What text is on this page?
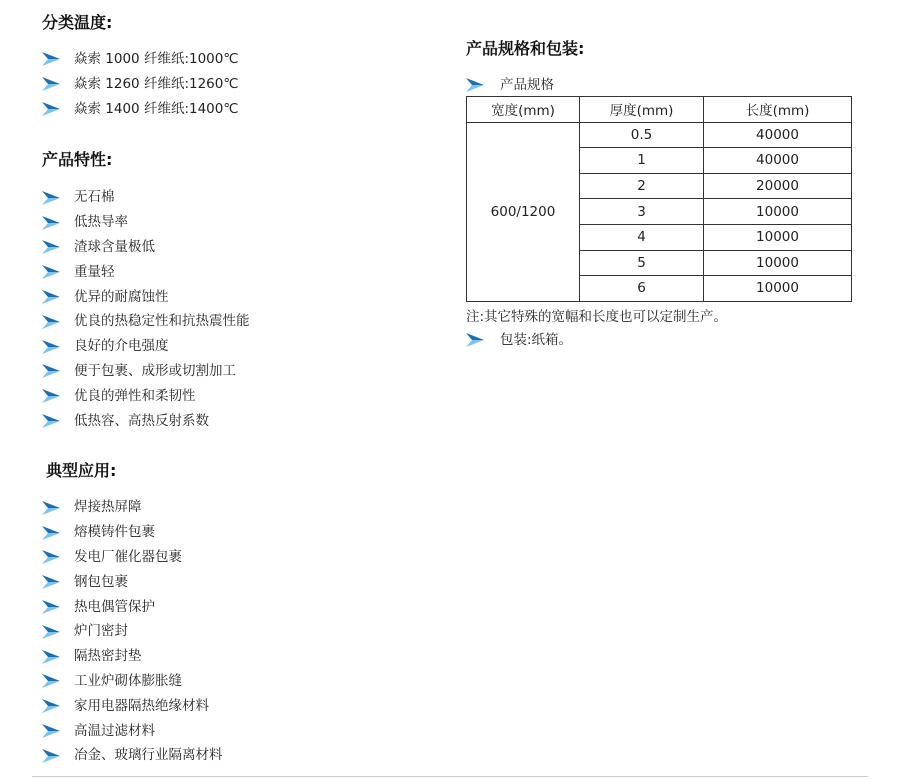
分类温度:
焱索 1000 纤维纸:1000℃
焱索 1260 纤维纸:1260℃
焱索 1400 纤维纸:1400℃
产品特性:
无石棉
低热导率
渣球含量极低
重量轻
优异的耐腐蚀性
优良的热稳定性和抗热震性能
良好的介电强度
便于包裹、成形或切割加工
优良的弹性和柔韧性
低热容、高热反射系数
典型应用:
焊接热屏障
熔模铸件包裹
发电厂催化器包裹
钢包包裹
热电偶管保护
炉门密封
隔热密封垫
工业炉砌体膨胀缝
家用电器隔热绝缘材料
高温过滤材料
冶金、玻璃行业隔离材料
产品规格和包装:
产品规格
宽度(mm)	厚度(mm)	长度(mm)
600/1200	0.5	40000
	1	40000
	2	20000
	3	10000
	4	10000
	5	10000
	6	10000
注:其它特殊的宽幅和长度也可以定制生产。
包装:纸箱。
